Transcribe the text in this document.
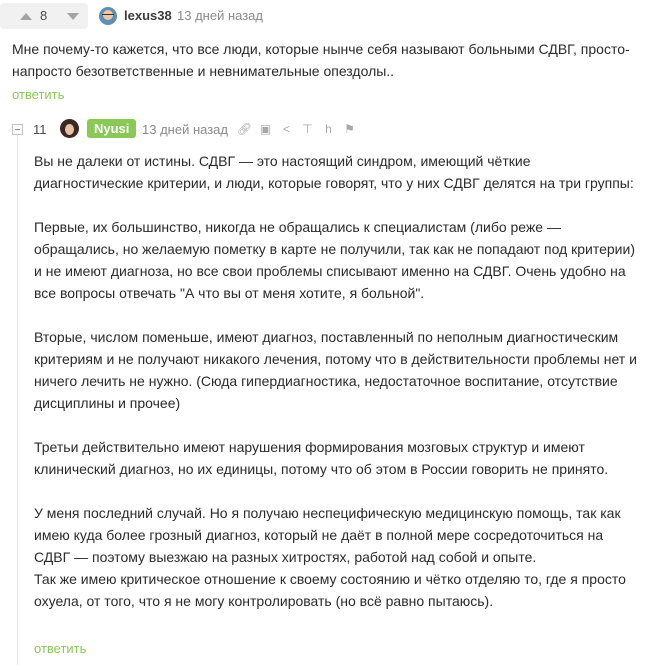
8	lexus38 13 дней назад
Мне почему-то кажется, что все люди, которые нынче себя называют больными СДВГ, просто- напросто безответственные и невнимательные опездолы..
ответить
11	Nyusi 13 дней назад 🔗︎ ▣ <	⊤	h	⚑

Вы не далеки от истины. СДВГ — это настоящий синдром, имеющий чёткие диагностические критерии, и люди, которые говорят, что у них СДВГ делятся на три группы:

Первые, их большинство, никогда не обращались к специалистам (либо реже — обращались, но желаемую пометку в карте не получили, так как не попадают под критерии) и не имеют диагноза, но все свои проблемы списывают именно на СДВГ. Очень удобно на все вопросы отвечать "А что вы от меня хотите, я больной".

Вторые, числом поменьше, имеют диагноз, поставленный по неполным диагностическим критериям и не получают никакого лечения, потому что в действительности проблемы нет и ничего лечить не нужно. (Сюда гипердиагностика, недостаточное воспитание, отсутствие дисциплины и прочее)

Третьи действительно имеют нарушения формирования мозговых структур и имеют клинический диагноз, но их единицы, потому что об этом в России говорить не принято.

У меня последний случай. Но я получаю неспецифическую медицинскую помощь, так как имею куда более грозный диагноз, который не даёт в полной мере сосредоточиться на СДВГ — поэтому выезжаю на разных хитростях, работой над собой и опыте.

Так же имею критическое отношение к своему состоянию и чётко отделяю то, где я просто охуела, от того, что я не могу контролировать (но всё равно пытаюсь).

ответить
